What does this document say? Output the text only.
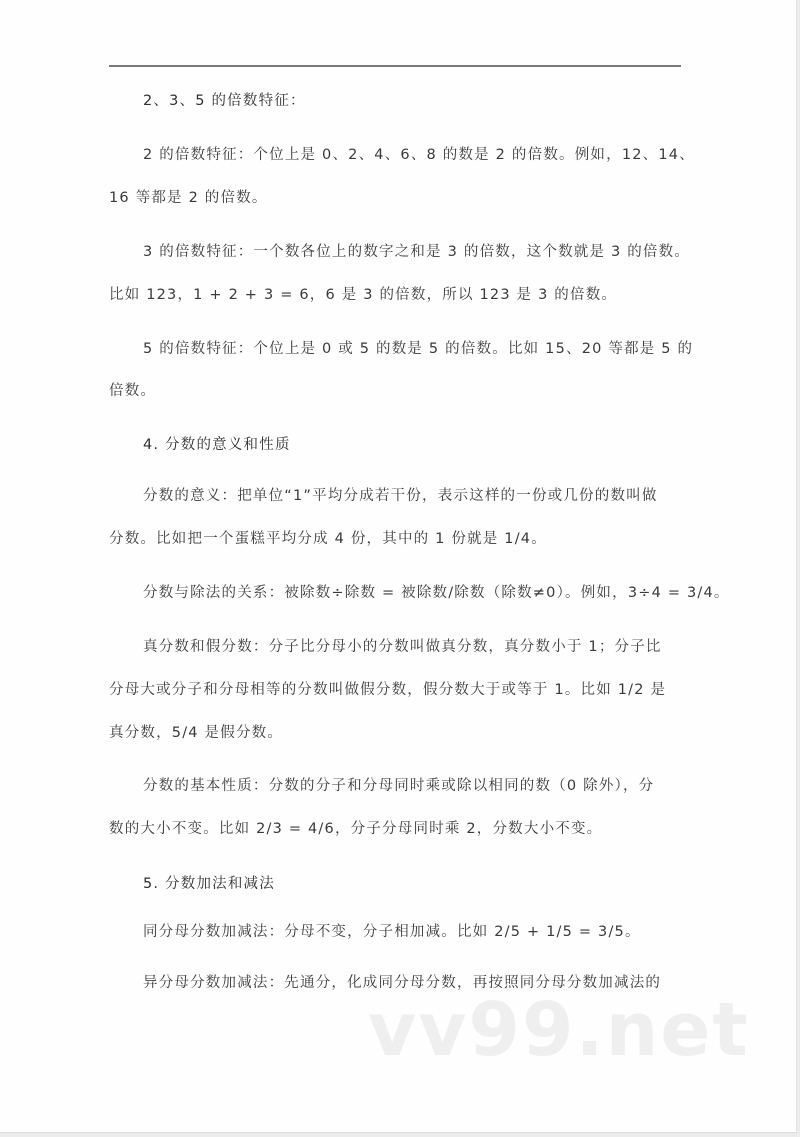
2、3、5 的倍数特征：
2 的倍数特征：个位上是 0、2、4、6、8 的数是 2 的倍数。例如，12、14、
16 等都是 2 的倍数。
3 的倍数特征：一个数各位上的数字之和是 3 的倍数，这个数就是 3 的倍数。
比如 123，1 + 2 + 3 = 6，6 是 3 的倍数，所以 123 是 3 的倍数。
5 的倍数特征：个位上是 0 或 5 的数是 5 的倍数。比如 15、20 等都是 5 的
倍数。
4. 分数的意义和性质
分数的意义：把单位“1”平均分成若干份，表示这样的一份或几份的数叫做
分数。比如把一个蛋糕平均分成 4 份，其中的 1 份就是 1/4。
分数与除法的关系：被除数÷除数 = 被除数/除数（除数≠0）。例如，3÷4 = 3/4。
真分数和假分数：分子比分母小的分数叫做真分数，真分数小于 1；分子比
分母大或分子和分母相等的分数叫做假分数，假分数大于或等于 1。比如 1/2 是
真分数，5/4 是假分数。
分数的基本性质：分数的分子和分母同时乘或除以相同的数（0 除外），分
数的大小不变。比如 2/3 = 4/6，分子分母同时乘 2，分数大小不变。
5. 分数加法和减法
同分母分数加减法：分母不变，分子相加减。比如 2/5 + 1/5 = 3/5。
异分母分数加减法：先通分，化成同分母分数，再按照同分母分数加减法的
vv99.net
